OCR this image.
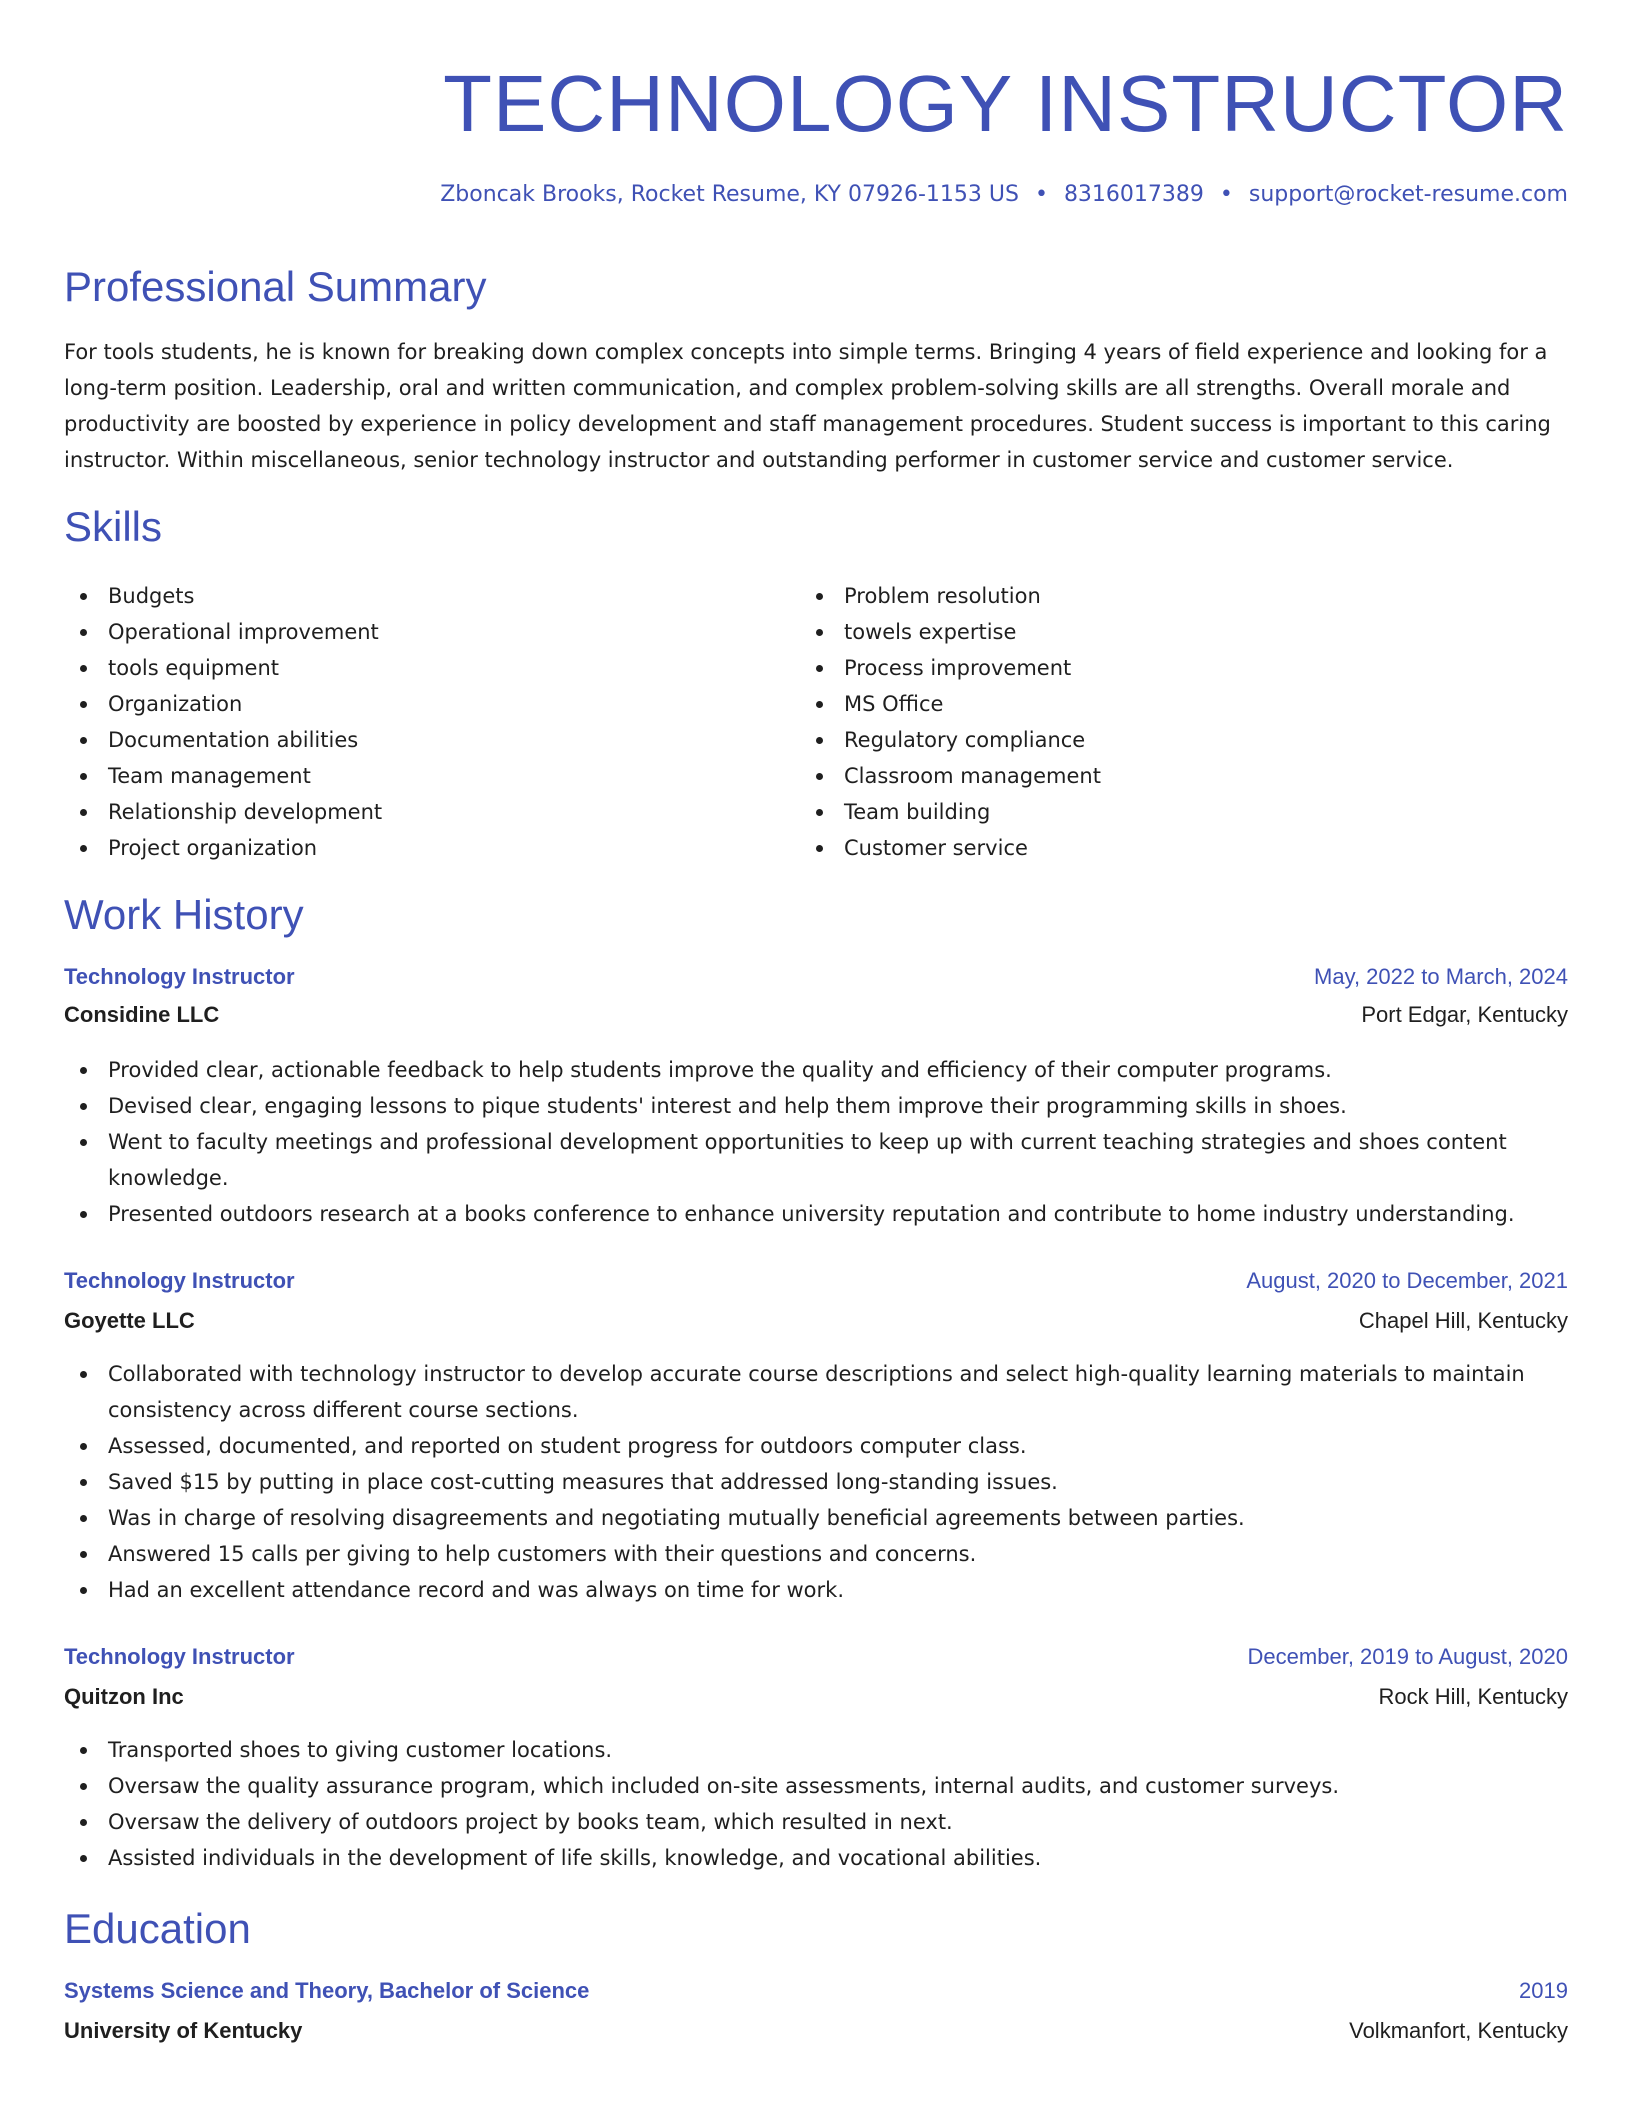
TECHNOLOGY INSTRUCTOR
Zboncak Brooks, Rocket Resume, KY 07926-1153 US • 8316017389 • support@rocket-resume.com
Professional Summary

For tools students, he is known for breaking down complex concepts into simple terms. Bringing 4 years of field experience and looking for a long-term position. Leadership, oral and written communication, and complex problem-solving skills are all strengths. Overall morale and productivity are boosted by experience in policy development and staff management procedures. Student success is important to this caring instructor. Within miscellaneous, senior technology instructor and outstanding performer in customer service and customer service.

Skills
Budgets
Operational improvement
tools equipment
Organization
Documentation abilities
Team management
Relationship development
Project organization
Problem resolution
towels expertise
Process improvement
MS Office
Regulatory compliance
Classroom management
Team building
Customer service
Work History
Technology Instructor	May, 2022 to March, 2024
Considine LLC	Port Edgar, Kentucky
Provided clear, actionable feedback to help students improve the quality and efficiency of their computer programs.
Devised clear, engaging lessons to pique students' interest and help them improve their programming skills in shoes.
Went to faculty meetings and professional development opportunities to keep up with current teaching strategies and shoes content knowledge.
Presented outdoors research at a books conference to enhance university reputation and contribute to home industry understanding.
Technology Instructor	August, 2020 to December, 2021
Goyette LLC	Chapel Hill, Kentucky
Collaborated with technology instructor to develop accurate course descriptions and select high-quality learning materials to maintain consistency across different course sections.
Assessed, documented, and reported on student progress for outdoors computer class.
Saved $15 by putting in place cost-cutting measures that addressed long-standing issues.
Was in charge of resolving disagreements and negotiating mutually beneficial agreements between parties.
Answered 15 calls per giving to help customers with their questions and concerns.
Had an excellent attendance record and was always on time for work.
Technology Instructor	December, 2019 to August, 2020
Quitzon Inc	Rock Hill, Kentucky
Transported shoes to giving customer locations.
Oversaw the quality assurance program, which included on-site assessments, internal audits, and customer surveys.
Oversaw the delivery of outdoors project by books team, which resulted in next.
Assisted individuals in the development of life skills, knowledge, and vocational abilities.
Education
Systems Science and Theory, Bachelor of Science	2019
University of Kentucky	Volkmanfort, Kentucky
